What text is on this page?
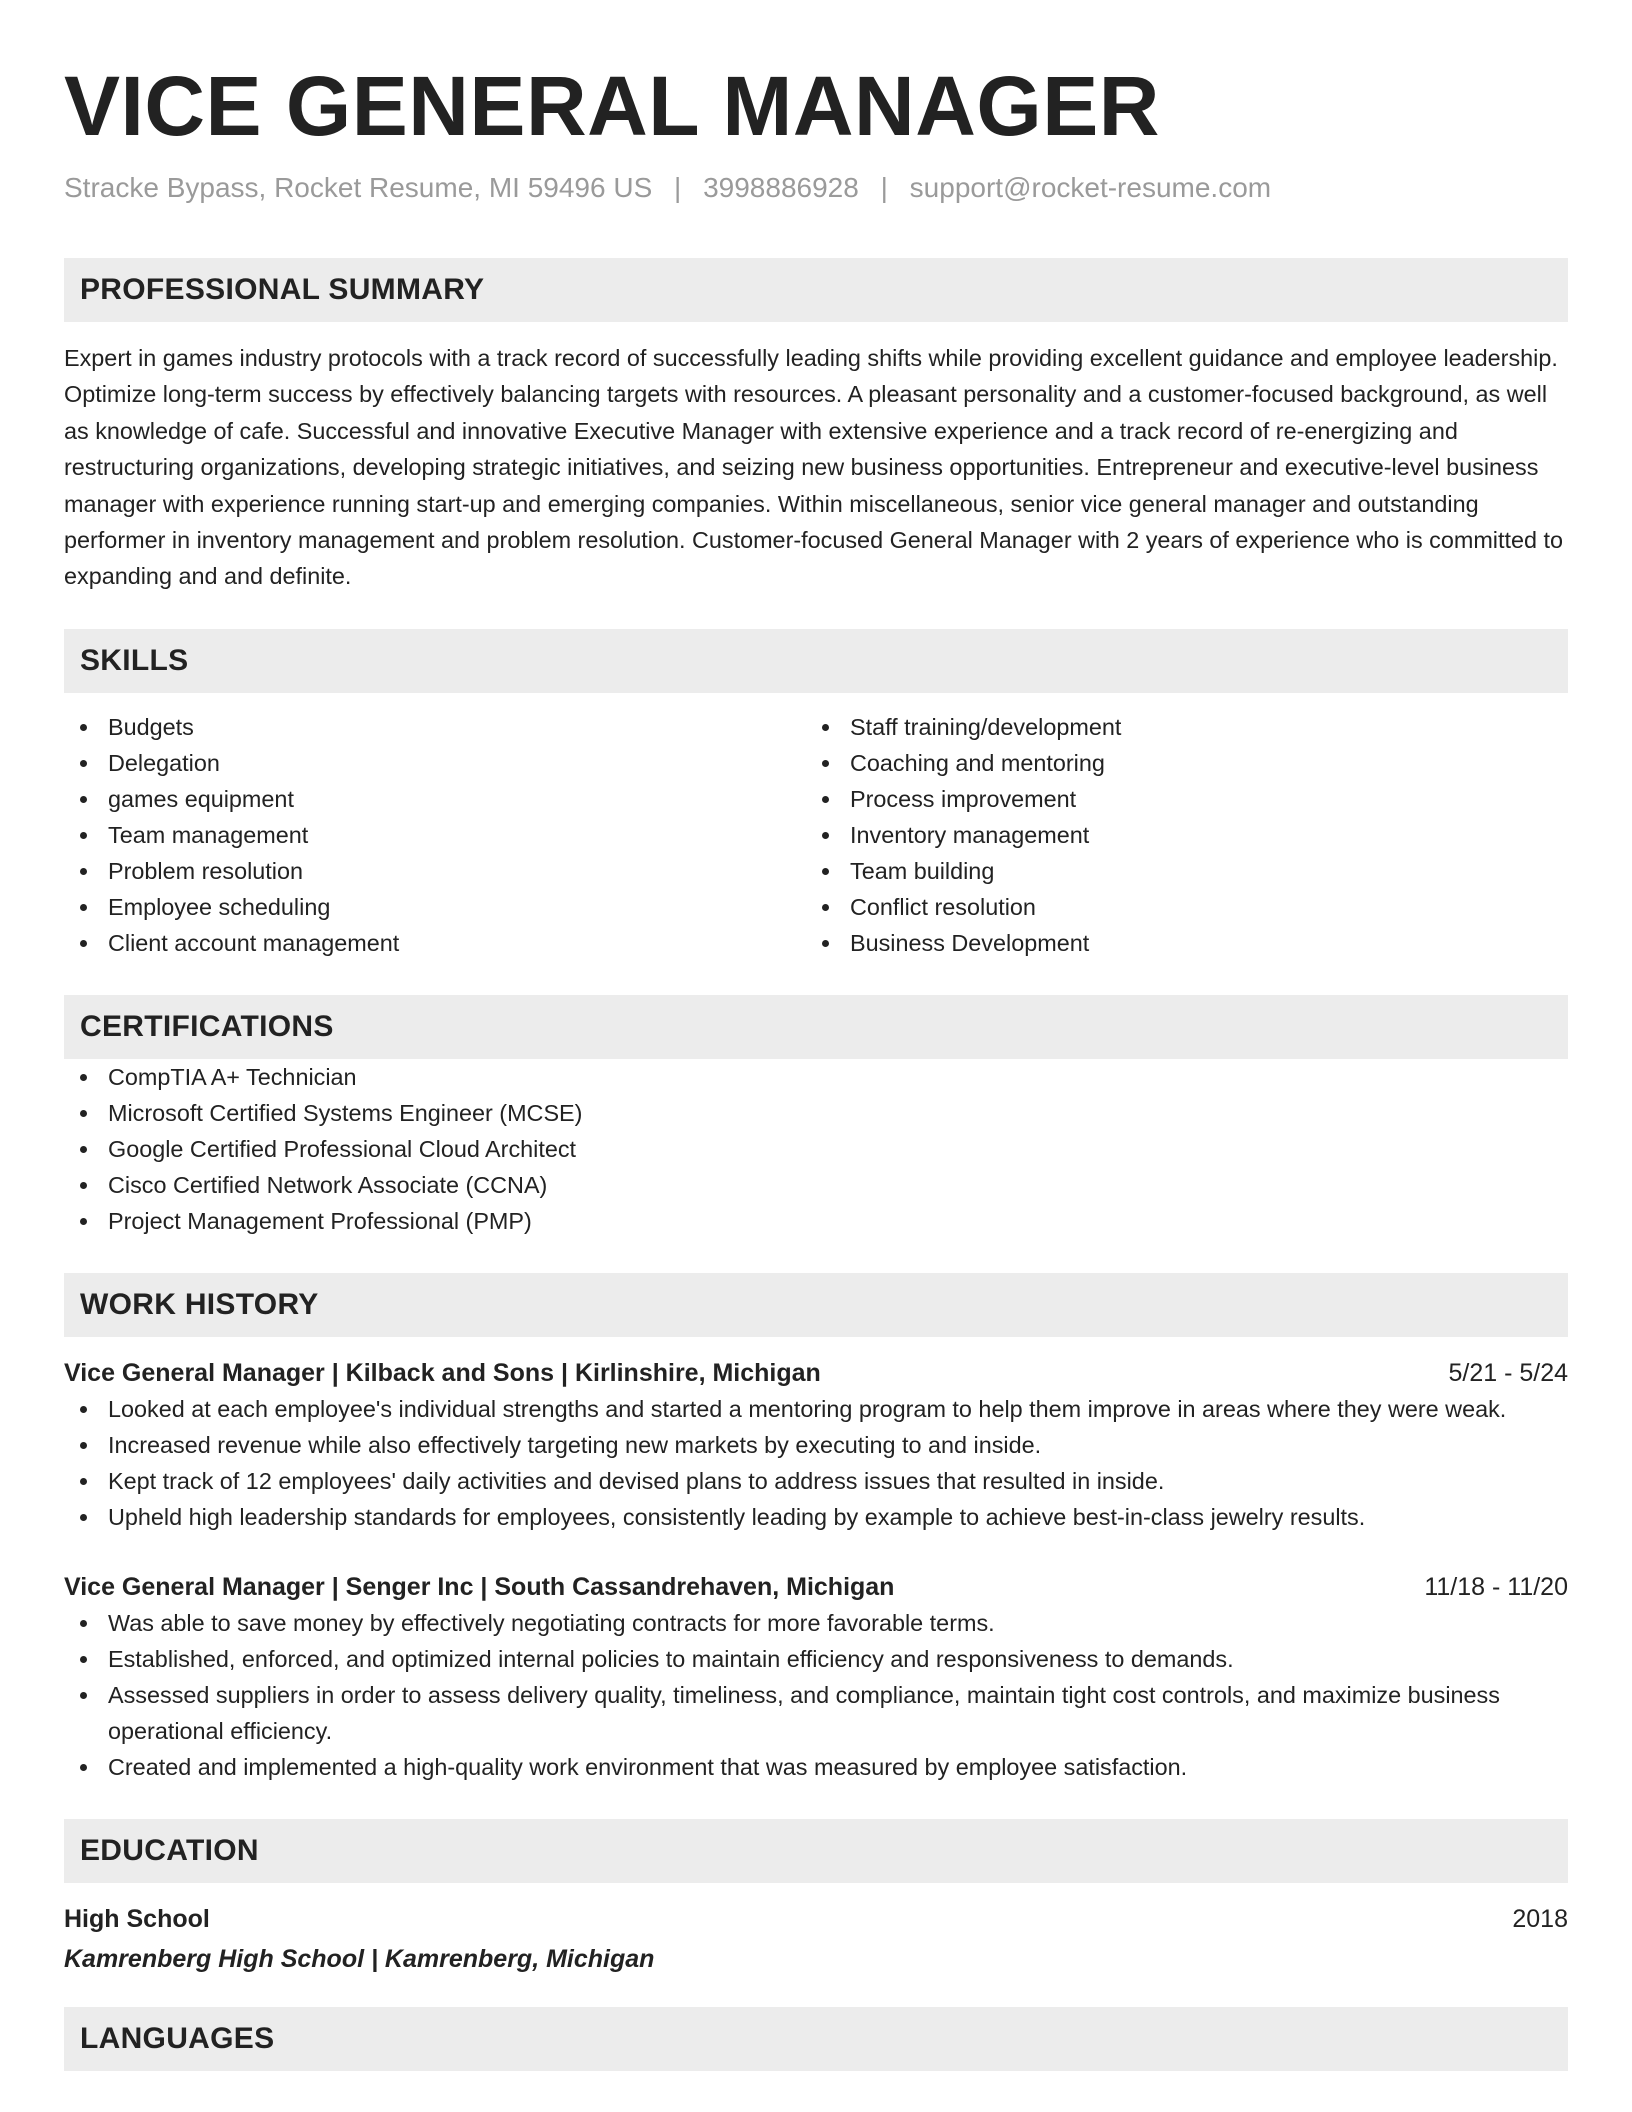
VICE GENERAL MANAGER
Stracke Bypass, Rocket Resume, MI 59496 US | 3998886928 | support@rocket-resume.com
PROFESSIONAL SUMMARY

Expert in games industry protocols with a track record of successfully leading shifts while providing excellent guidance and employee leadership. Optimize long-term success by effectively balancing targets with resources. A pleasant personality and a customer-focused background, as well as knowledge of cafe. Successful and innovative Executive Manager with extensive experience and a track record of re-energizing and restructuring organizations, developing strategic initiatives, and seizing new business opportunities. Entrepreneur and executive-level business manager with experience running start-up and emerging companies. Within miscellaneous, senior vice general manager and outstanding performer in inventory management and problem resolution. Customer-focused General Manager with 2 years of experience who is committed to expanding and and definite.

SKILLS
Budgets
Delegation
games equipment
Team management
Problem resolution
Employee scheduling
Client account management
Staff training/development
Coaching and mentoring
Process improvement
Inventory management
Team building
Conflict resolution
Business Development
CERTIFICATIONS
CompTIA A+ Technician
Microsoft Certified Systems Engineer (MCSE)
Google Certified Professional Cloud Architect
Cisco Certified Network Associate (CCNA)
Project Management Professional (PMP)
WORK HISTORY
Vice General Manager | Kilback and Sons | Kirlinshire, Michigan	5/21 - 5/24
Looked at each employee's individual strengths and started a mentoring program to help them improve in areas where they were weak.
Increased revenue while also effectively targeting new markets by executing to and inside.
Kept track of 12 employees' daily activities and devised plans to address issues that resulted in inside.
Upheld high leadership standards for employees, consistently leading by example to achieve best-in-class jewelry results.
Vice General Manager | Senger Inc | South Cassandrehaven, Michigan	11/18 - 11/20
Was able to save money by effectively negotiating contracts for more favorable terms.
Established, enforced, and optimized internal policies to maintain efficiency and responsiveness to demands.
Assessed suppliers in order to assess delivery quality, timeliness, and compliance, maintain tight cost controls, and maximize business operational efficiency.
Created and implemented a high-quality work environment that was measured by employee satisfaction.
EDUCATION
High School	2018
Kamrenberg High School | Kamrenberg, Michigan
LANGUAGES
